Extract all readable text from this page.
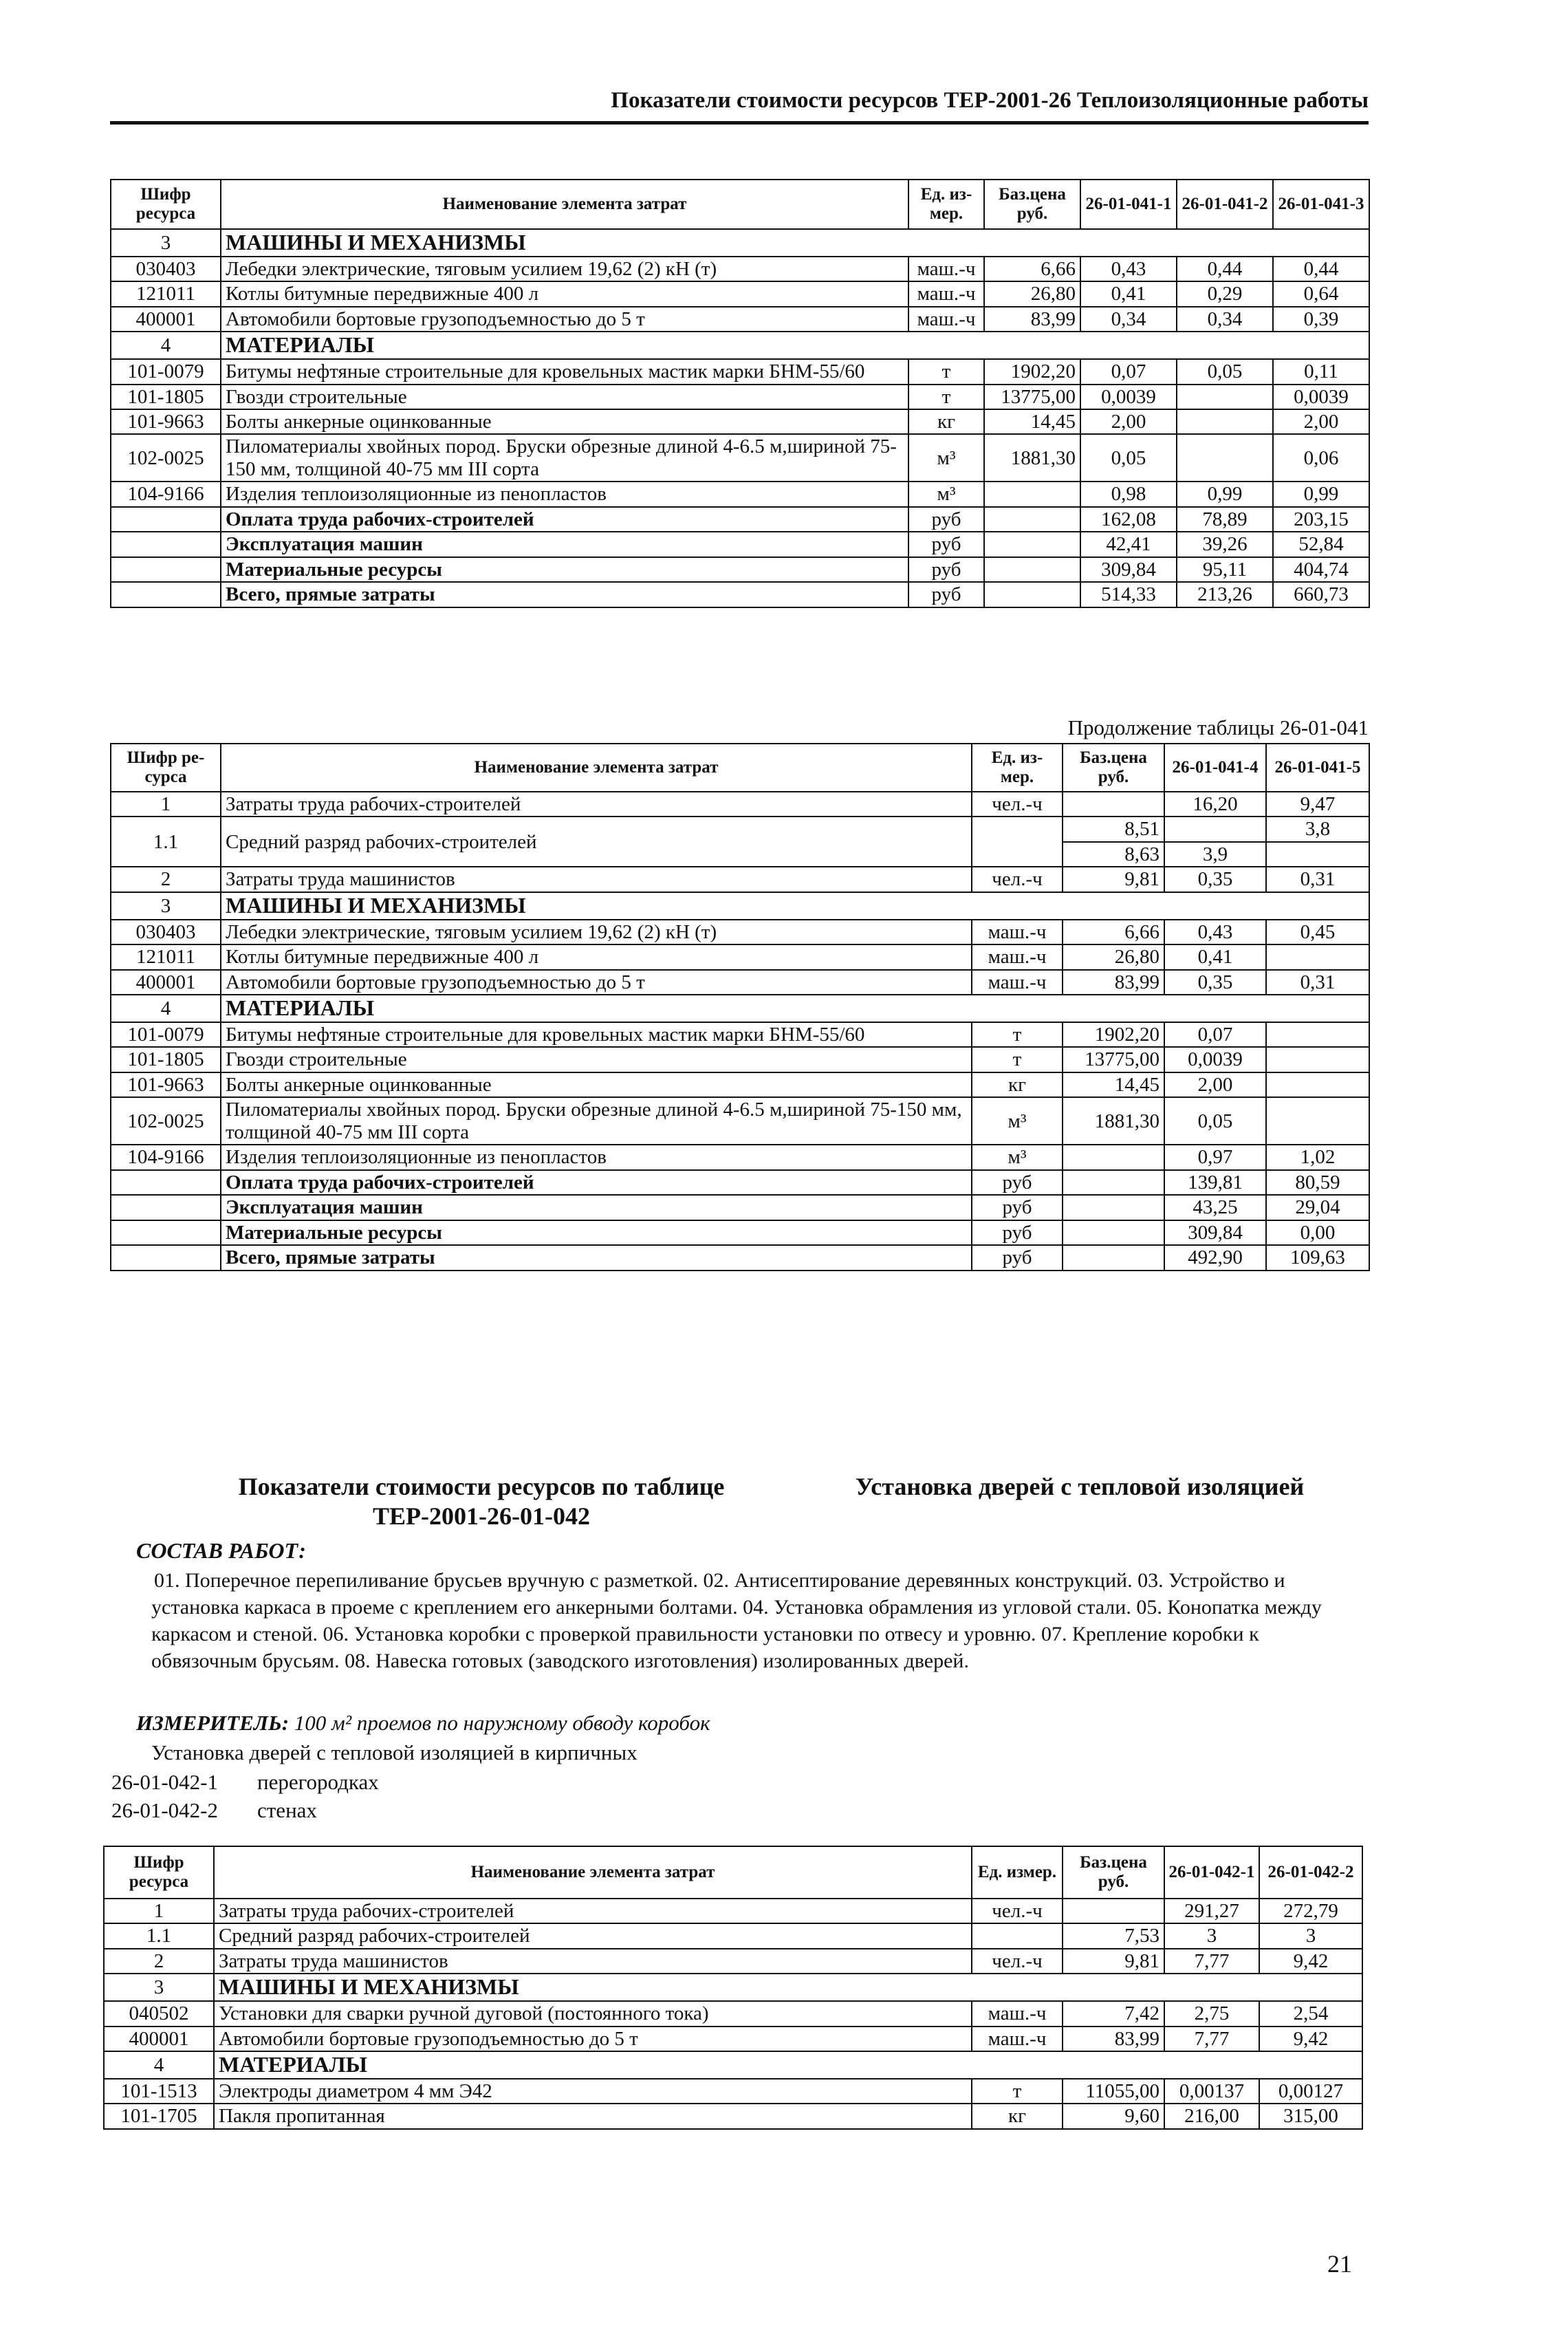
Показатели стоимости ресурсов ТЕР-2001-26 Теплоизоляционные работы
Шифр ресурса	Наименование элемента затрат	Ед. из-мер.	Баз.цена руб.	26-01-041-1	26-01-041-2	26-01-041-3
3	МАШИНЫ И МЕХАНИЗМЫ					
030403	Лебедки электрические, тяговым усилием 19,62 (2) кН (т)	маш.-ч	6,66	0,43	0,44	0,44
121011	Котлы битумные передвижные 400 л	маш.-ч	26,80	0,41	0,29	0,64
400001	Автомобили бортовые грузоподъемностью до 5 т	маш.-ч	83,99	0,34	0,34	0,39
4	МАТЕРИАЛЫ					
101-0079	Битумы нефтяные строительные для кровельных мастик марки БНМ-55/60	т	1902,20	0,07	0,05	0,11
101-1805	Гвозди строительные	т	13775,00	0,0039		0,0039
101-9663	Болты анкерные оцинкованные	кг	14,45	2,00		2,00
102-0025	Пиломатериалы хвойных пород. Бруски обрезные длиной 4-6.5 м,шириной 75-150 мм, толщиной 40-75 мм III сорта	м³	1881,30	0,05		0,06
104-9166	Изделия теплоизоляционные из пенопластов	м³		0,98	0,99	0,99
	Оплата труда рабочих-строителей	руб		162,08	78,89	203,15
	Эксплуатация машин	руб		42,41	39,26	52,84
	Материальные ресурсы	руб		309,84	95,11	404,74
	Всего, прямые затраты	руб		514,33	213,26	660,73
Продолжение таблицы 26-01-041
Шифр ре-сурса	Наименование элемента затрат	Ед. из-мер.	Баз.цена руб.	26-01-041-4	26-01-041-5
1	Затраты труда рабочих-строителей	чел.-ч		16,20	9,47
1.1	Средний разряд рабочих-строителей		8,51		3,8
			8,63	3,9	
2	Затраты труда машинистов	чел.-ч	9,81	0,35	0,31
3	МАШИНЫ И МЕХАНИЗМЫ				
030403	Лебедки электрические, тяговым усилием 19,62 (2) кН (т)	маш.-ч	6,66	0,43	0,45
121011	Котлы битумные передвижные 400 л	маш.-ч	26,80	0,41	
400001	Автомобили бортовые грузоподъемностью до 5 т	маш.-ч	83,99	0,35	0,31
4	МАТЕРИАЛЫ				
101-0079	Битумы нефтяные строительные для кровельных мастик марки БНМ-55/60	т	1902,20	0,07	
101-1805	Гвозди строительные	т	13775,00	0,0039	
101-9663	Болты анкерные оцинкованные	кг	14,45	2,00	
102-0025	Пиломатериалы хвойных пород. Бруски обрезные длиной 4-6.5 м,шириной 75-150 мм, толщиной 40-75 мм III сорта	м³	1881,30	0,05	
104-9166	Изделия теплоизоляционные из пенопластов	м³		0,97	1,02
	Оплата труда рабочих-строителей	руб		139,81	80,59
	Эксплуатация машин	руб		43,25	29,04
	Материальные ресурсы	руб		309,84	0,00
	Всего, прямые затраты	руб		492,90	109,63
Показатели стоимости ресурсов по таблице
ТЕР-2001-26-01-042
Установка дверей с тепловой изоляцией
СОСТАВ РАБОТ:
01. Поперечное перепиливание брусьев вручную с разметкой. 02. Антисептирование деревянных конструкций. 03. Устройство и установка каркаса в проеме с креплением его анкерными болтами. 04. Установка обрамления из угловой стали. 05. Конопатка между каркасом и стеной. 06. Установка коробки с проверкой правильности установки по отвесу и уровню. 07. Крепление коробки к обвязочным брусьям. 08. Навеска готовых (заводского изготовления) изолированных дверей.
ИЗМЕРИТЕЛЬ: 100 м² проемов по наружному обводу коробок
Установка дверей с тепловой изоляцией в кирпичных
26-01-042-1 перегородках
26-01-042-2 стенах
Шифр ресурса	Наименование элемента затрат	Ед. измер.	Баз.цена руб.	26-01-042-1	26-01-042-2
1	Затраты труда рабочих-строителей	чел.-ч		291,27	272,79
1.1	Средний разряд рабочих-строителей		7,53	3	3
2	Затраты труда машинистов	чел.-ч	9,81	7,77	9,42
3	МАШИНЫ И МЕХАНИЗМЫ				
040502	Установки для сварки ручной дуговой (постоянного тока)	маш.-ч	7,42	2,75	2,54
400001	Автомобили бортовые грузоподъемностью до 5 т	маш.-ч	83,99	7,77	9,42
4	МАТЕРИАЛЫ				
101-1513	Электроды диаметром 4 мм Э42	т	11055,00	0,00137	0,00127
101-1705	Пакля пропитанная	кг	9,60	216,00	315,00
21
